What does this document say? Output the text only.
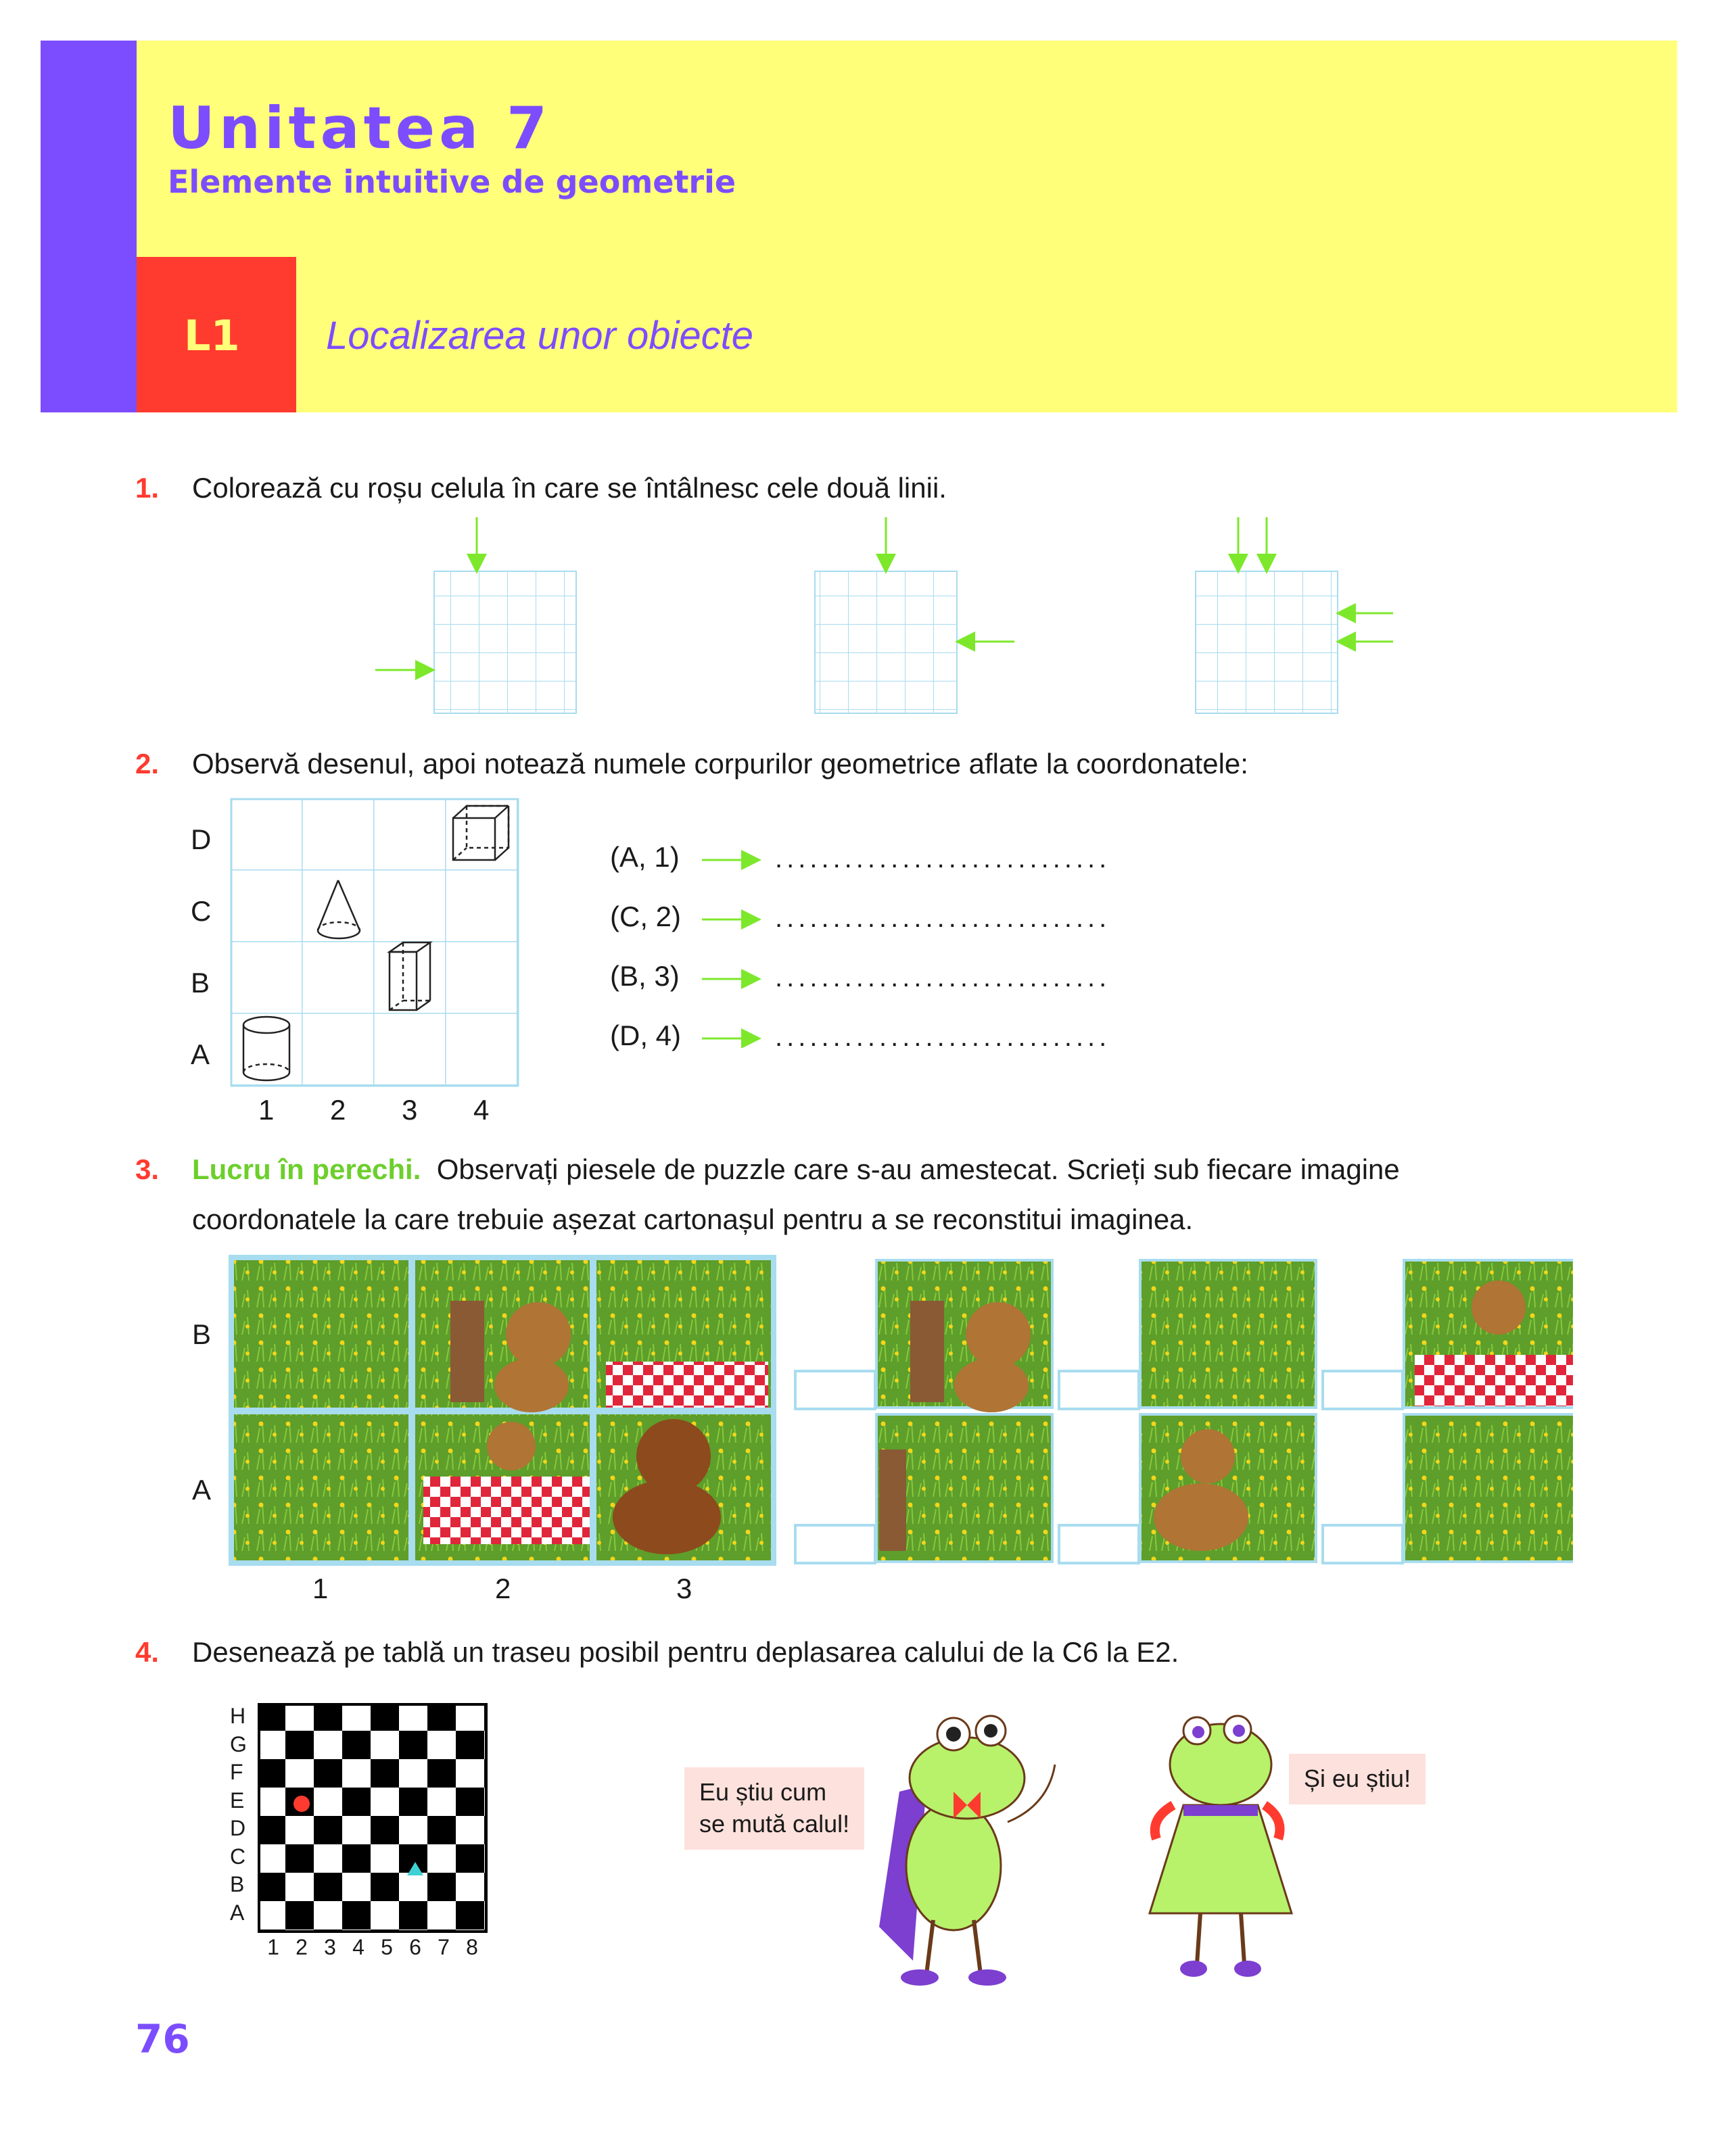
Unitatea 7
Elemente intuitive de geometrie
L1 Localizarea unor obiecte
1. Colorează cu roșu celula în care se întâlnesc cele două linii.
2. Observă desenul, apoi notează numele corpurilor geometrice aflate la coordonatele:
D
C
B
A
1 2 3 4
(A, 1)
(C, 2)
(B, 3)
(D, 4)
.............................
.............................
.............................
.............................
3. Lucru în perechi. Observați piesele de puzzle care s-au amestecat. Scrieți sub fiecare imagine
coordonatele la care trebuie așezat cartonașul pentru a se reconstitui imaginea.
B
A
1	2	3
4. Desenează pe tablă un traseu posibil pentru deplasarea calului de la C6 la E2.
H
G
F
E
D
C
B
A
1 2 3 4 5 6 7 8
Eu știu cum
se mută calul!
Și eu știu!
76
